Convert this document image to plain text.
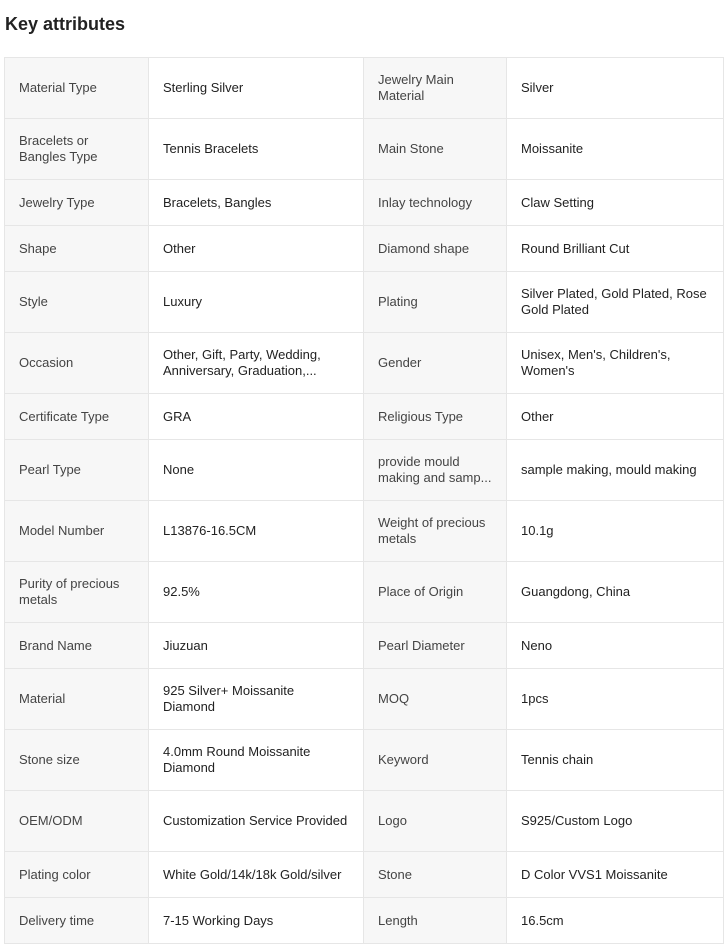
Key attributes
Material Type	Sterling Silver	Jewelry Main Material	Silver
Bracelets or Bangles Type	Tennis Bracelets	Main Stone	Moissanite
Jewelry Type	Bracelets, Bangles	Inlay technology	Claw Setting
Shape	Other	Diamond shape	Round Brilliant Cut
Style	Luxury	Plating	Silver Plated, Gold Plated, Rose Gold Plated
Occasion	Other, Gift, Party, Wedding, Anniversary, Graduation,...	Gender	Unisex, Men's, Children's, Women's
Certificate Type	GRA	Religious Type	Other
Pearl Type	None	provide mould making and samp...	sample making, mould making
Model Number	L13876-16.5CM	Weight of precious metals	10.1g
Purity of precious metals	92.5%	Place of Origin	Guangdong, China
Brand Name	Jiuzuan	Pearl Diameter	Neno
Material	925 Silver+ Moissanite Diamond	MOQ	1pcs
Stone size	4.0mm Round Moissanite Diamond	Keyword	Tennis chain
OEM/ODM	Customization Service Provided	Logo	S925/Custom Logo
Plating color	White Gold/14k/18k Gold/silver	Stone	D Color VVS1 Moissanite
Delivery time	7-15 Working Days	Length	16.5cm
